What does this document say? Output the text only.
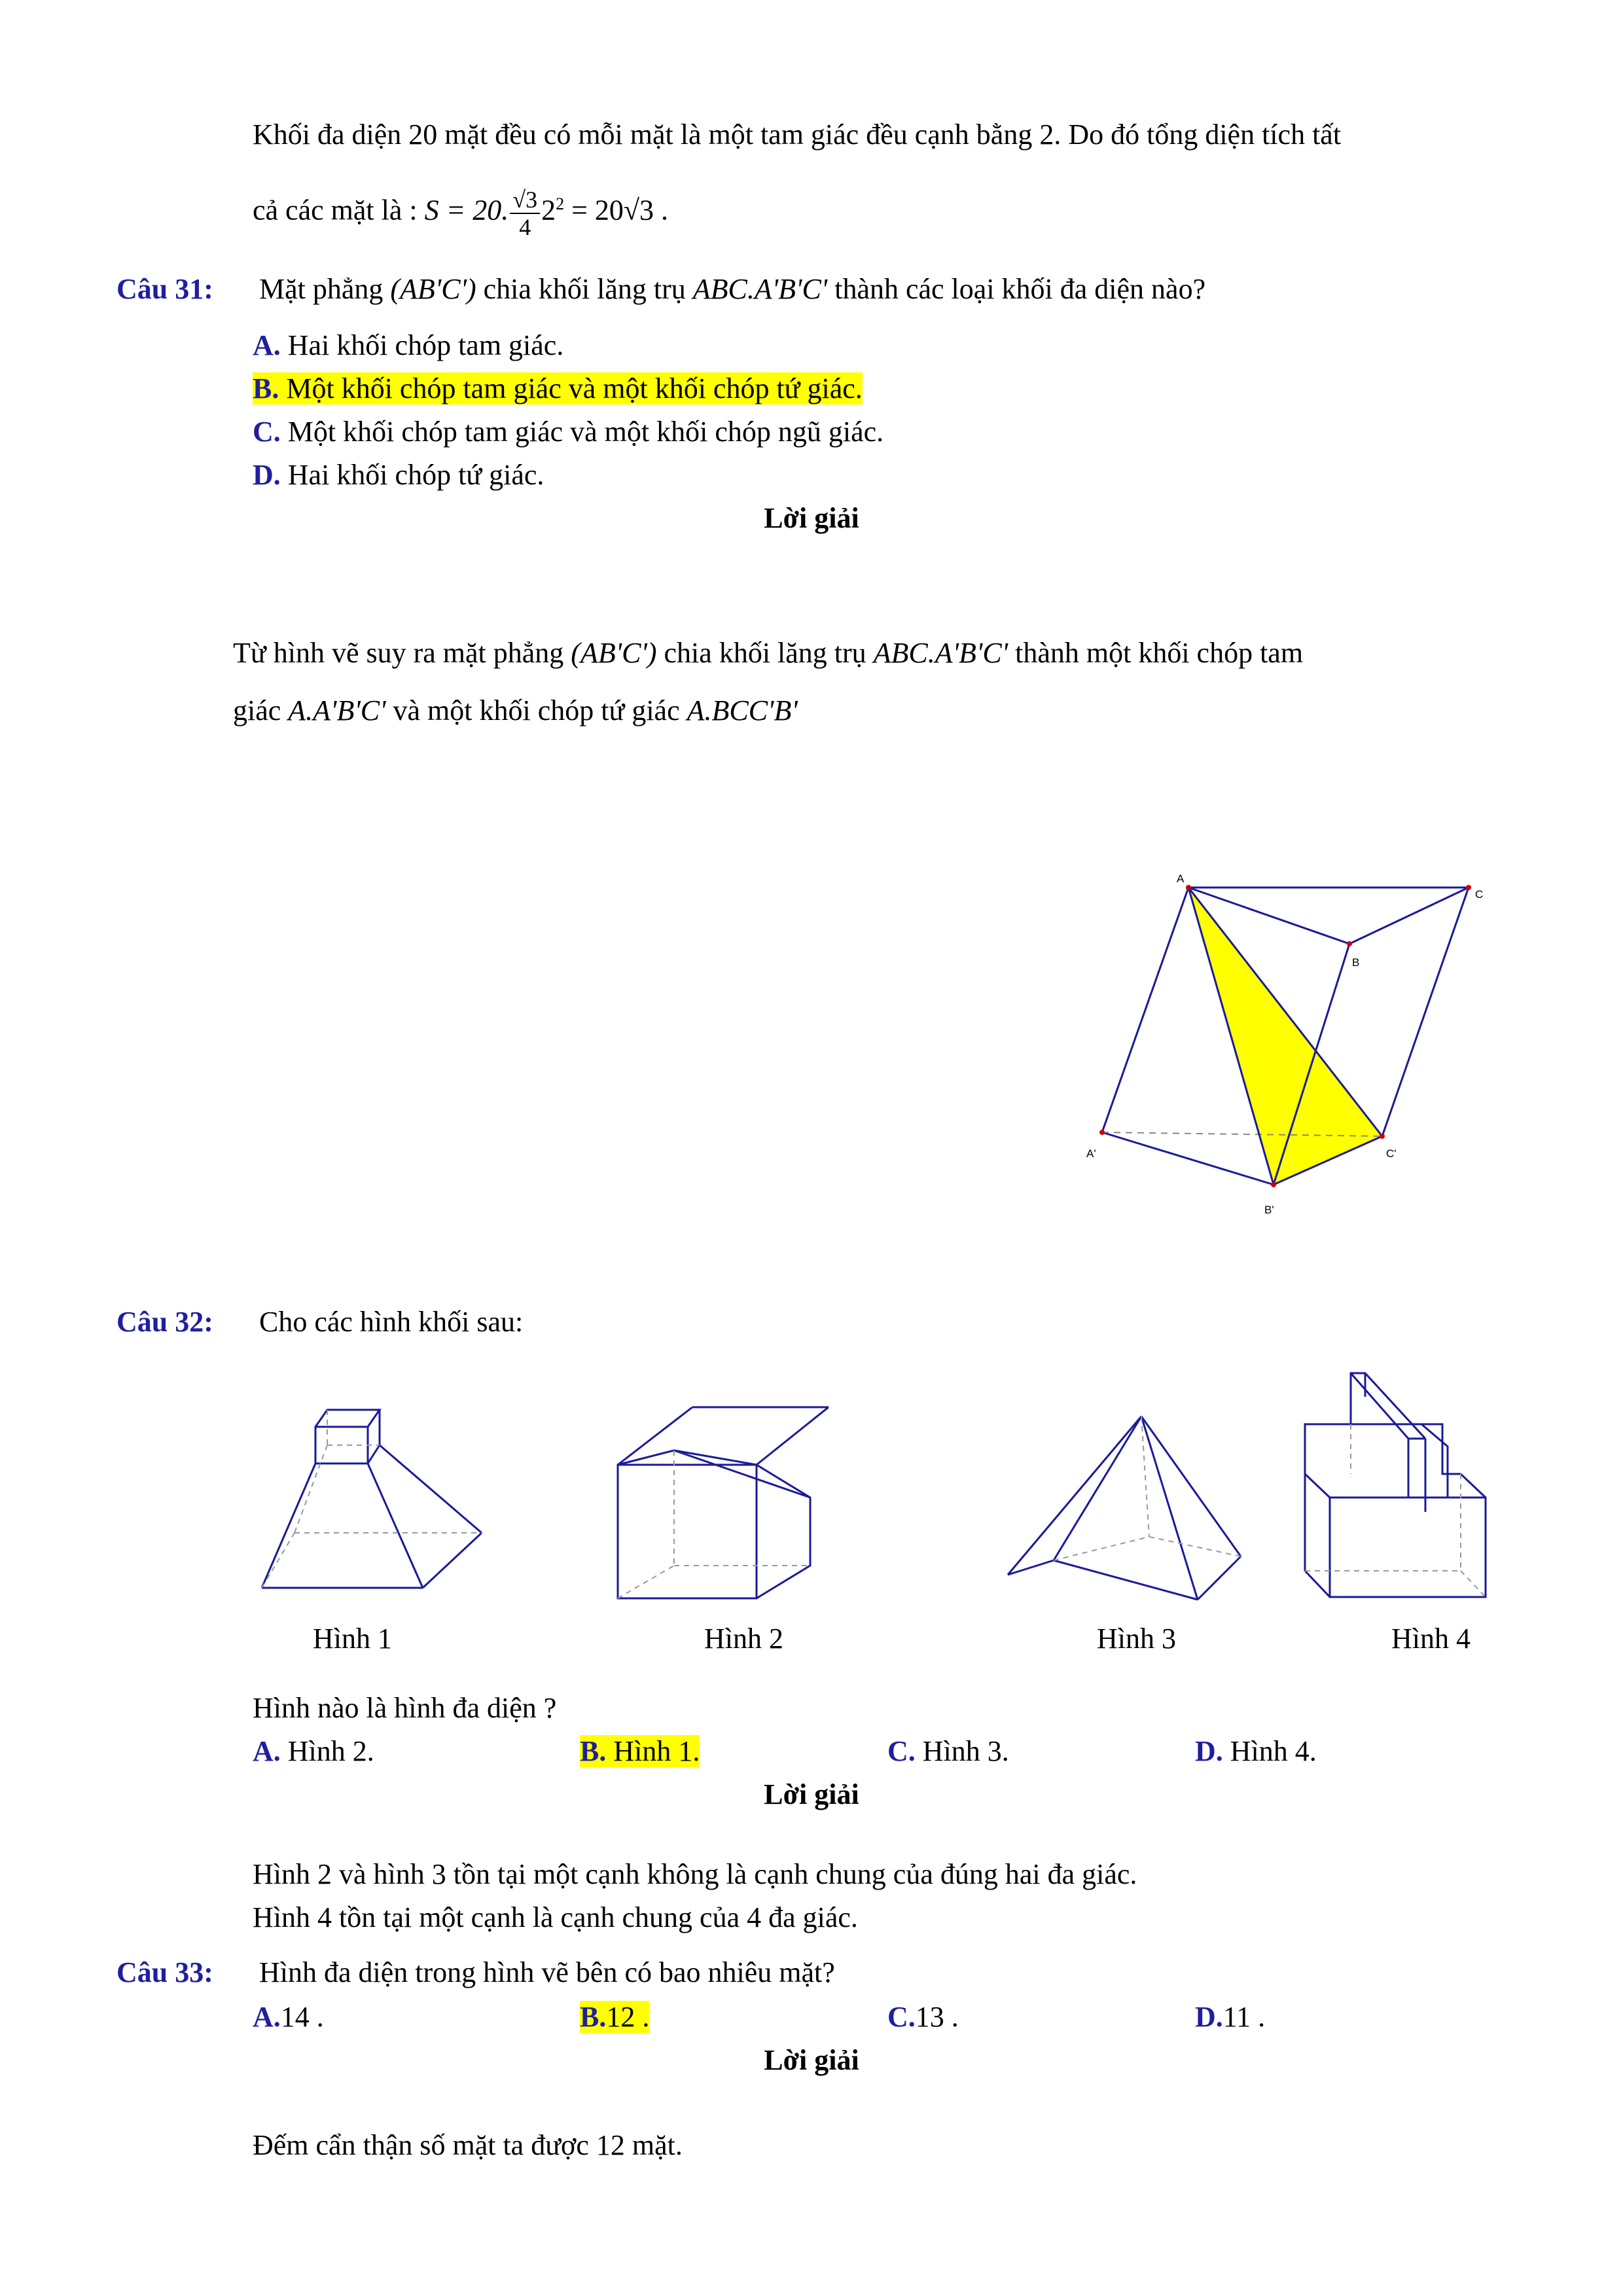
Khối đa diện 20 mặt đều có mỗi mặt là một tam giác đều cạnh bằng 2. Do đó tổng diện tích tất
cả các mặt là : S = 20. $\frac{√3}{4} 2^2 = 20√3$ .
Câu 31: Mặt phẳng (AB'C') chia khối lăng trụ ABC.A'B'C' thành các loại khối đa diện nào?
A. Hai khối chóp tam giác.
B. Một khối chóp tam giác và một khối chóp tứ giác.
C. Một khối chóp tam giác và một khối chóp ngũ giác.
D. Hai khối chóp tứ giác.
Lời giải
Từ hình vẽ suy ra mặt phẳng (AB'C') chia khối lăng trụ ABC.A'B'C' thành một khối chóp tam
giác A.A'B'C' và một khối chóp tứ giác A.BCC'B'
A
C
B
A'	C'
B'
Câu 32: Cho các hình khối sau:
Hình 1	Hình 2	Hình 3	Hình 4
Hình nào là hình đa diện ?
A. Hình 2.	B. Hình 1.	C. Hình 3.	D. Hình 4.
Lời giải
Hình 2 và hình 3 tồn tại một cạnh không là cạnh chung của đúng hai đa giác.
Hình 4 tồn tại một cạnh là cạnh chung của 4 đa giác.
Câu 33: Hình đa diện trong hình vẽ bên có bao nhiêu mặt?
A.14 .	B.12 .	C.13 .	D.11 .
Lời giải
Đếm cẩn thận số mặt ta được 12 mặt.
